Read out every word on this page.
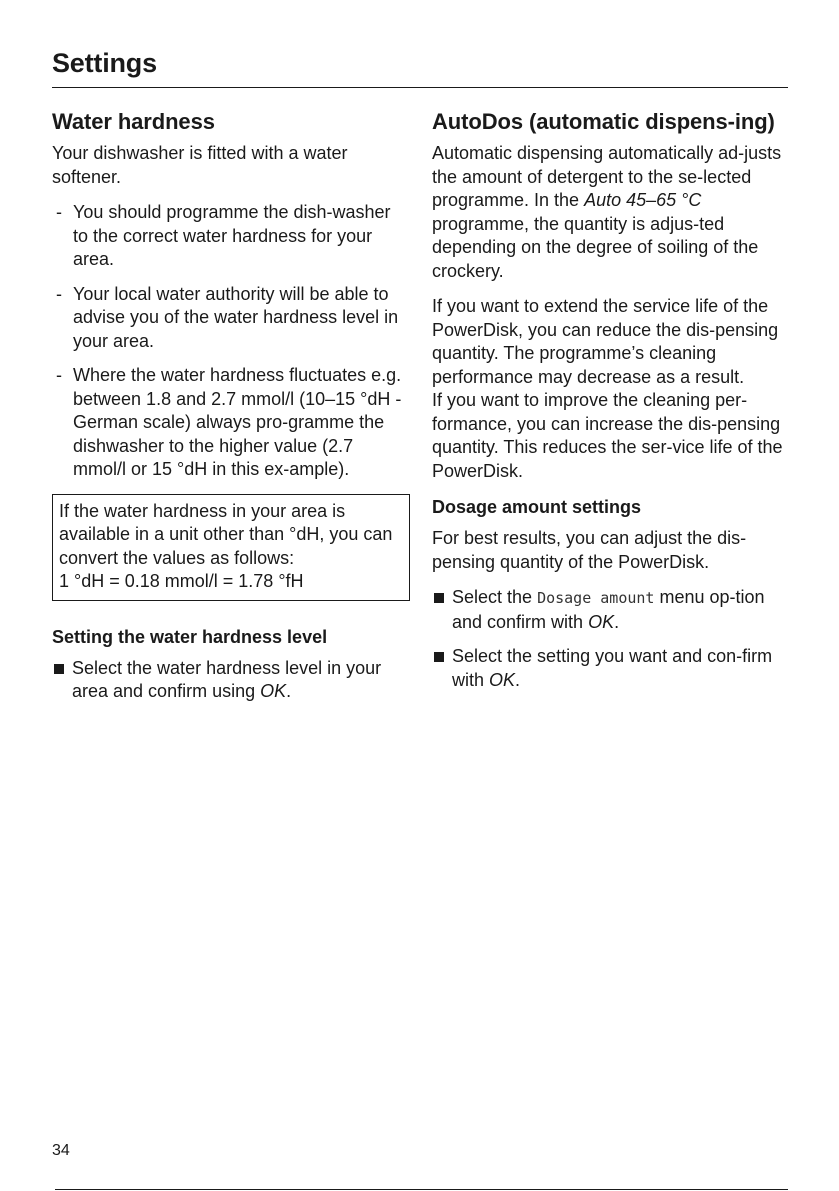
Settings
Water hardness

Your dishwasher is fitted with a water softener.

- You should programme the dish-washer to the correct water hardness for your area.
- Your local water authority will be able to advise you of the water hardness level in your area.
- Where the water hardness fluctuates e.g. between 1.8 and 2.7 mmol/l (10–15 °dH - German scale) always pro-gramme the dishwasher to the higher value (2.7 mmol/l or 15 °dH in this ex-ample).
If the water hardness in your area is available in a unit other than °dH, you can convert the values as follows:
1 °dH = 0.18 mmol/l = 1.78 °fH
Setting the water hardness level
Select the water hardness level in your area and confirm using OK.
AutoDos (automatic dispens-ing)

Automatic dispensing automatically ad-justs the amount of detergent to the se-lected programme. In the Auto 45–65 °C programme, the quantity is adjus-ted depending on the degree of soiling of the crockery.

If you want to extend the service life of the PowerDisk, you can reduce the dis-pensing quantity. The programme’s cleaning performance may decrease as a result.

If you want to improve the cleaning per-formance, you can increase the dis-pensing quantity. This reduces the ser-vice life of the PowerDisk.

Dosage amount settings

For best results, you can adjust the dis-pensing quantity of the PowerDisk.

Select the Dosage amount menu op-tion and confirm with OK.
Select the setting you want and con-firm with OK.
34
